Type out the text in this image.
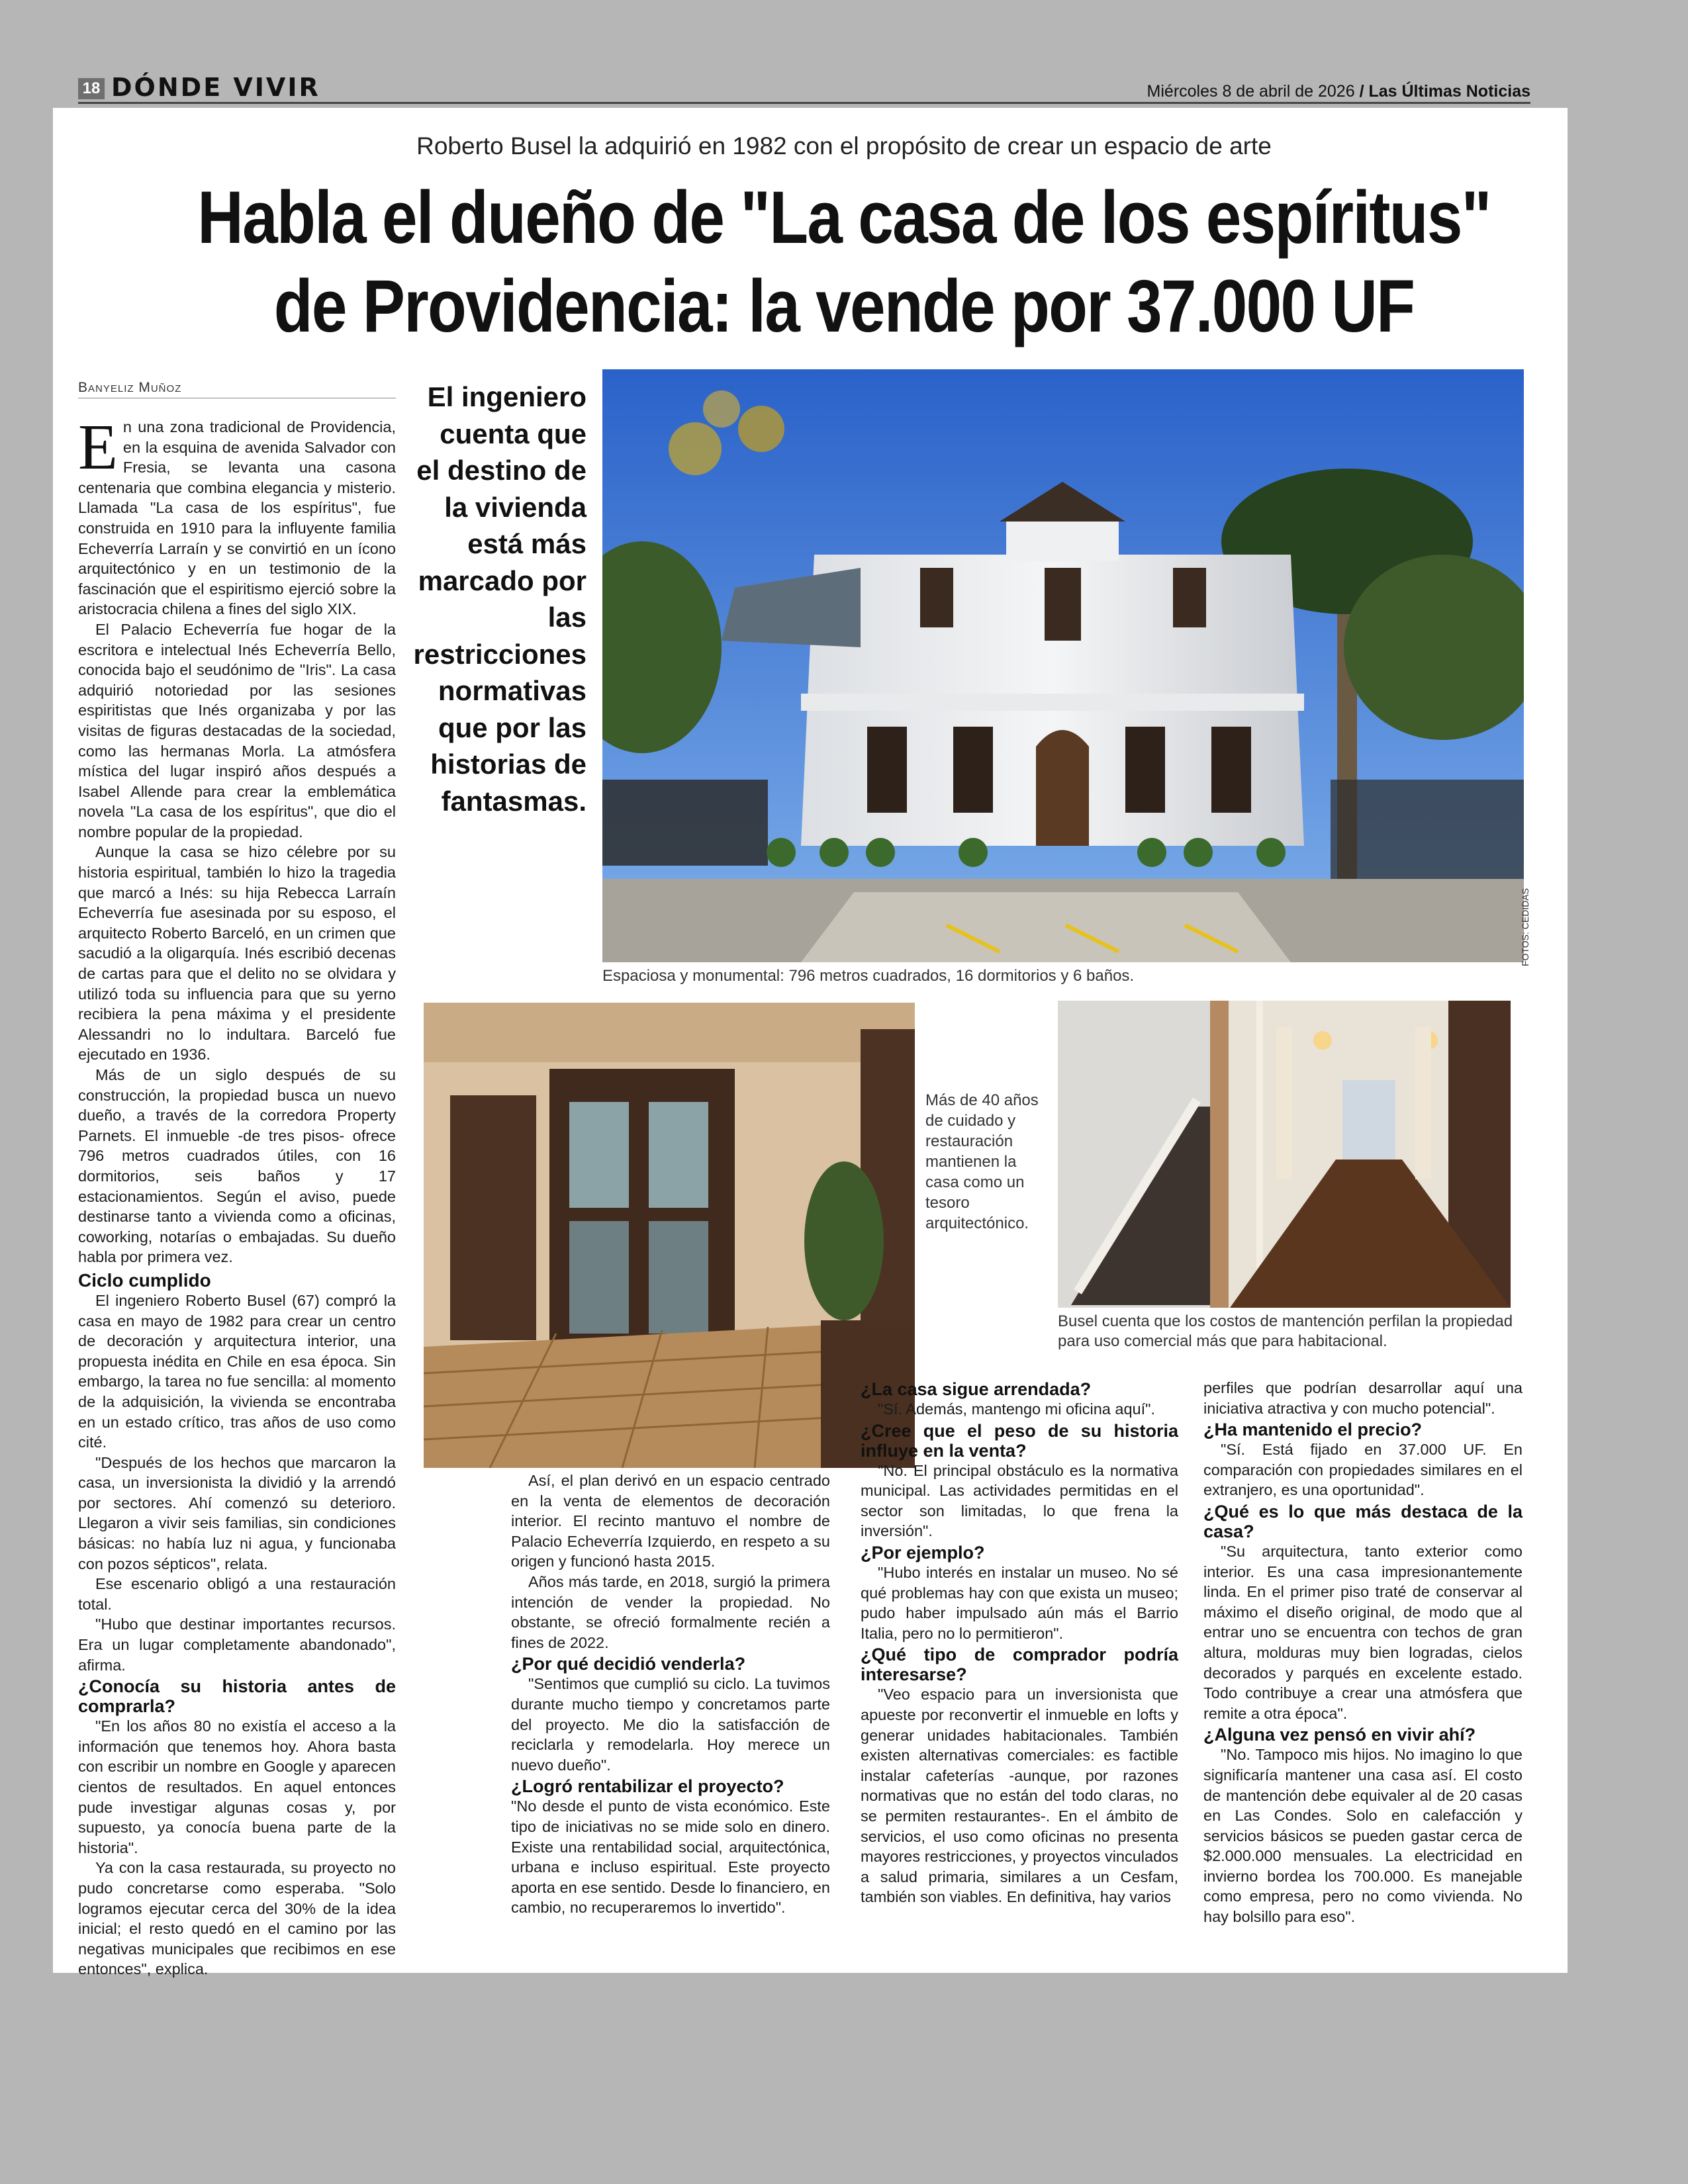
18 DÓNDE VIVIR	Miércoles 8 de abril de 2026 / Las Últimas Noticias
Roberto Busel la adquirió en 1982 con el propósito de crear un espacio de arte
Habla el dueño de "La casa de los espíritus"
de Providencia: la vende por 37.000 UF
Banyeliz Muñoz

En una zona tradicional de Providencia, en la esquina de avenida Salvador con Fresia, se levanta una casona centenaria que combina elegancia y misterio. Llamada "La casa de los espíritus", fue construida en 1910 para la influyente familia Echeverría Larraín y se convirtió en un ícono arquitectónico y en un testimonio de la fascinación que el espiritismo ejerció sobre la aristocracia chilena a fines del siglo XIX.

El Palacio Echeverría fue hogar de la escritora e intelectual Inés Echeverría Bello, conocida bajo el seudónimo de "Iris". La casa adquirió notoriedad por las sesiones espiritistas que Inés organizaba y por las visitas de figuras destacadas de la sociedad, como las hermanas Morla. La atmósfera mística del lugar inspiró años después a Isabel Allende para crear la emblemática novela "La casa de los espíritus", que dio el nombre popular de la propiedad.

Aunque la casa se hizo célebre por su historia espiritual, también lo hizo la tragedia que marcó a Inés: su hija Rebecca Larraín Echeverría fue asesinada por su esposo, el arquitecto Roberto Barceló, en un crimen que sacudió a la oligarquía. Inés escribió decenas de cartas para que el delito no se olvidara y utilizó toda su influencia para que su yerno recibiera la pena máxima y el presidente Alessandri no lo indultara. Barceló fue ejecutado en 1936.

Más de un siglo después de su construcción, la propiedad busca un nuevo dueño, a través de la corredora Property Parnets. El inmueble -de tres pisos- ofrece 796 metros cuadrados útiles, con 16 dormitorios, seis baños y 17 estacionamientos. Según el aviso, puede destinarse tanto a vivienda como a oficinas, coworking, notarías o embajadas. Su dueño habla por primera vez.

Ciclo cumplido

El ingeniero Roberto Busel (67) compró la casa en mayo de 1982 para crear un centro de decoración y arquitectura interior, una propuesta inédita en Chile en esa época. Sin embargo, la tarea no fue sencilla: al momento de la adquisición, la vivienda se encontraba en un estado crítico, tras años de uso como cité.

"Después de los hechos que marcaron la casa, un inversionista la dividió y la arrendó por sectores. Ahí comenzó su deterioro. Llegaron a vivir seis familias, sin condiciones básicas: no había luz ni agua, y funcionaba con pozos sépticos", relata.

Ese escenario obligó a una restauración total.

"Hubo que destinar importantes recursos. Era un lugar completamente abandonado", afirma.

¿Conocía su historia antes de comprarla?

"En los años 80 no existía el acceso a la información que tenemos hoy. Ahora basta con escribir un nombre en Google y aparecen cientos de resultados. En aquel entonces pude investigar algunas cosas y, por supuesto, ya conocía buena parte de la historia".

Ya con la casa restaurada, su proyecto no pudo concretarse como esperaba. "Solo logramos ejecutar cerca del 30% de la idea inicial; el resto quedó en el camino por las negativas municipales que recibimos en ese entonces", explica.

El ingeniero cuenta que el destino de la vivienda está más marcado por las restricciones normativas que por las historias de fantasmas.
FOTOS: CEDIDAS
Espaciosa y monumental: 796 metros cuadrados, 16 dormitorios y 6 baños.
Más de 40 años de cuidado y restauración mantienen la casa como un tesoro arquitectónico.
Busel cuenta que los costos de mantención perfilan la propiedad para uso comercial más que para habitacional.

Así, el plan derivó en un espacio centrado en la venta de elementos de decoración interior. El recinto mantuvo el nombre de Palacio Echeverría Izquierdo, en respeto a su origen y funcionó hasta 2015.

Años más tarde, en 2018, surgió la primera intención de vender la propiedad. No obstante, se ofreció formalmente recién a fines de 2022.

¿Por qué decidió venderla?

"Sentimos que cumplió su ciclo. La tuvimos durante mucho tiempo y concretamos parte del proyecto. Me dio la satisfacción de reciclarla y remodelarla. Hoy merece un nuevo dueño".

¿Logró rentabilizar el proyecto?

"No desde el punto de vista económico. Este tipo de iniciativas no se mide solo en dinero. Existe una rentabilidad social, arquitectónica, urbana e incluso espiritual. Este proyecto aporta en ese sentido. Desde lo financiero, en cambio, no recuperaremos lo invertido".

¿La casa sigue arrendada?

"Sí. Además, mantengo mi oficina aquí".

¿Cree que el peso de su historia influye en la venta?

"No. El principal obstáculo es la normativa municipal. Las actividades permitidas en el sector son limitadas, lo que frena la inversión".

¿Por ejemplo?

"Hubo interés en instalar un museo. No sé qué problemas hay con que exista un museo; pudo haber impulsado aún más el Barrio Italia, pero no lo permitieron".

¿Qué tipo de comprador podría interesarse?

"Veo espacio para un inversionista que apueste por reconvertir el inmueble en lofts y generar unidades habitacionales. También existen alternativas comerciales: es factible instalar cafeterías -aunque, por razones normativas que no están del todo claras, no se permiten restaurantes-. En el ámbito de servicios, el uso como oficinas no presenta mayores restricciones, y proyectos vinculados a salud primaria, similares a un Cesfam, también son viables. En definitiva, hay varios

perfiles que podrían desarrollar aquí una iniciativa atractiva y con mucho potencial".

¿Ha mantenido el precio?

"Sí. Está fijado en 37.000 UF. En comparación con propiedades similares en el extranjero, es una oportunidad".

¿Qué es lo que más destaca de la casa?

"Su arquitectura, tanto exterior como interior. Es una casa impresionantemente linda. En el primer piso traté de conservar al máximo el diseño original, de modo que al entrar uno se encuentra con techos de gran altura, molduras muy bien logradas, cielos decorados y parqués en excelente estado. Todo contribuye a crear una atmósfera que remite a otra época".

¿Alguna vez pensó en vivir ahí?

"No. Tampoco mis hijos. No imagino lo que significaría mantener una casa así. El costo de mantención debe equivaler al de 20 casas en Las Condes. Solo en calefacción y servicios básicos se pueden gastar cerca de $2.000.000 mensuales. La electricidad en invierno bordea los 700.000. Es manejable como empresa, pero no como vivienda. No hay bolsillo para eso".
